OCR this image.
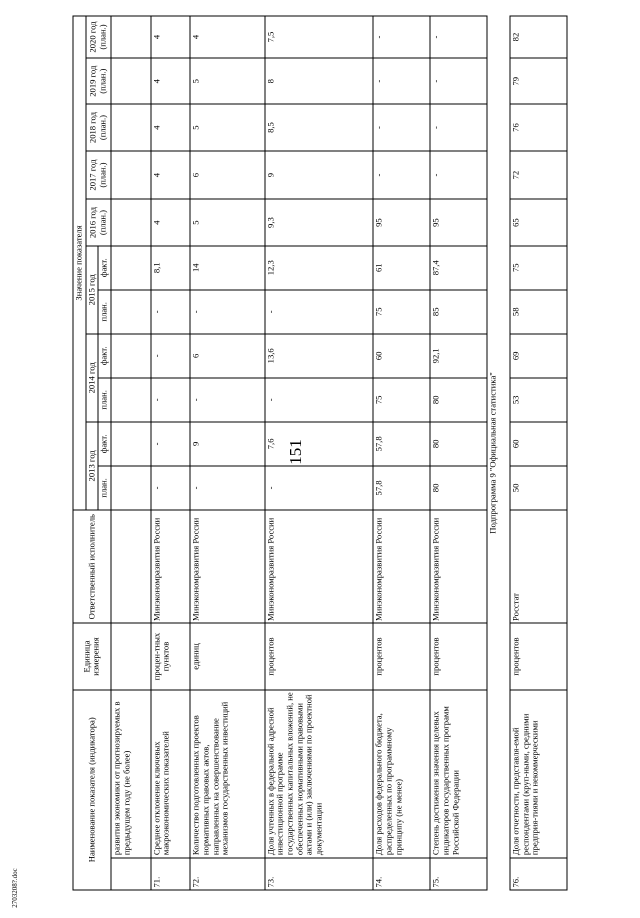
151
2703208?.doc
Наименование показателя (индикатора)		Единица измерения	Ответственный исполнитель	Значение показателя										
				2013 год		2014 год		2015 год		2016 год (план.)	2017 год (план.)	2018 год (план.)	2019 год (план.)	2020 год (план.)
				план.	факт.	план.	факт.	план.	факт.					
	развития экономики от прогнозируемых в предыдущем году (не более)													
71.	Среднее отклонение ключевых макроэкономических показателей	процен-тных пунктов	Минэкономразвития России	-	-	-	-	-	8,1	4	4	4	4	4
72.	Количество подготовленных проектов нормативных правовых актов, направленных на совершенствование механизмов государственных инвестиций	единиц	Минэкономразвития России	-	9	-	6	-	14	5	6	5	5	4
73.	Доля учтенных в федеральной адресной инвестиционной программе государственных капитальных вложений, не обеспеченных нормативными правовыми актами и (или) заключениями по проектной документации	процентов	Минэкономразвития России	-	7,6	-	13,6	-	12,3	9,3	9	8,5	8	7,5
74.	Доля расходов федерального бюджета, распределенных по программному принципу (не менее)	процентов	Минэкономразвития России	57,8	57,8	75	60	75	61	95	-	-	-	-
75.	Степень достижения значения целевых индикаторов государственных программ Российской Федерации	процентов	Минэкономразвития России	80	80	80	92,1	85	87,4	95	-	-	-	-
Подпрограмма 9 "Официальная статистика"														
76.	Доля отчетности, представля-емой респондентами (круп-ными, средними предприя-тиями и некоммерческими	процентов	Росстат	50	60	53	69	58	75	65	72	76	79	82
